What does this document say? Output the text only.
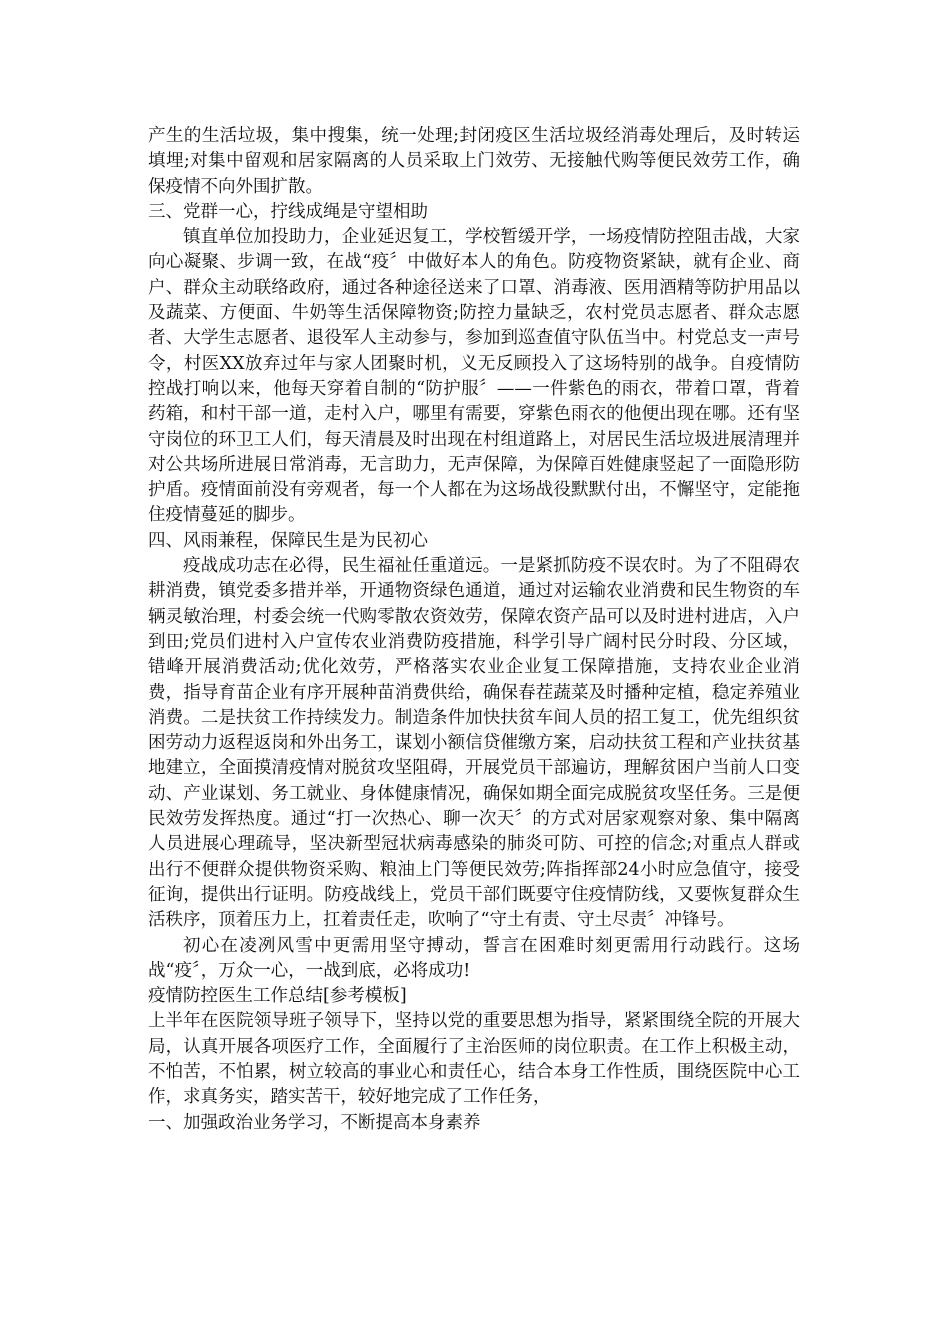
产生的生活垃圾，集中搜集，统一处理;封闭疫区生活垃圾经消毒处理后，及时转运填埋;对集中留观和居家隔离的人员采取上门效劳、无接触代购等便民效劳工作，确保疫情不向外围扩散。

三、党群一心，拧线成绳是守望相助

镇直单位加投助力，企业延迟复工，学校暂缓开学，一场疫情防控阻击战，大家向心凝聚、步调一致，在战“疫〞中做好本人的角色。防疫物资紧缺，就有企业、商户、群众主动联络政府，通过各种途径送来了口罩、消毒液、医用酒精等防护用品以及蔬菜、方便面、牛奶等生活保障物资;防控力量缺乏，农村党员志愿者、群众志愿者、大学生志愿者、退役军人主动参与，参加到巡查值守队伍当中。村党总支一声号令，村医XX放弃过年与家人团聚时机，义无反顾投入了这场特别的战争。自疫情防控战打响以来，他每天穿着自制的“防护服〞——一件紫色的雨衣，带着口罩，背着药箱，和村干部一道，走村入户，哪里有需要，穿紫色雨衣的他便出现在哪。还有坚守岗位的环卫工人们，每天清晨及时出现在村组道路上，对居民生活垃圾进展清理并对公共场所进展日常消毒，无言助力，无声保障，为保障百姓健康竖起了一面隐形防护盾。疫情面前没有旁观者，每一个人都在为这场战役默默付出，不懈坚守，定能拖住疫情蔓延的脚步。

四、风雨兼程，保障民生是为民初心

疫战成功志在必得，民生福祉任重道远。一是紧抓防疫不误农时。为了不阻碍农耕消费，镇党委多措并举，开通物资绿色通道，通过对运输农业消费和民生物资的车辆灵敏治理，村委会统一代购零散农资效劳，保障农资产品可以及时进村进店，入户到田;党员们进村入户宣传农业消费防疫措施，科学引导广阔村民分时段、分区域，错峰开展消费活动;优化效劳，严格落实农业企业复工保障措施，支持农业企业消费，指导育苗企业有序开展种苗消费供给，确保春茬蔬菜及时播种定植，稳定养殖业消费。二是扶贫工作持续发力。制造条件加快扶贫车间人员的招工复工，优先组织贫困劳动力返程返岗和外出务工，谋划小额信贷催缴方案，启动扶贫工程和产业扶贫基地建立，全面摸清疫情对脱贫攻坚阻碍，开展党员干部遍访，理解贫困户当前人口变动、产业谋划、务工就业、身体健康情况，确保如期全面完成脱贫攻坚任务。三是便民效劳发挥热度。通过“打一次热心、聊一次天〞的方式对居家观察对象、集中隔离人员进展心理疏导，坚决新型冠状病毒感染的肺炎可防、可控的信念;对重点人群或出行不便群众提供物资采购、粮油上门等便民效劳;阵指挥部24小时应急值守，接受征询，提供出行证明。防疫战线上，党员干部们既要守住疫情防线，又要恢复群众生活秩序，顶着压力上，扛着责任走，吹响了“守土有责、守土尽责〞冲锋号。

初心在凌冽风雪中更需用坚守搏动，誓言在困难时刻更需用行动践行。这场战“疫〞，万众一心，一战到底，必将成功!

疫情防控医生工作总结[参考模板]

上半年在医院领导班子领导下，坚持以党的重要思想为指导，紧紧围绕全院的开展大局，认真开展各项医疗工作，全面履行了主治医师的岗位职责。在工作上积极主动，不怕苦，不怕累，树立较高的事业心和责任心，结合本身工作性质，围绕医院中心工作，求真务实，踏实苦干，较好地完成了工作任务，

一、加强政治业务学习，不断提高本身素养
